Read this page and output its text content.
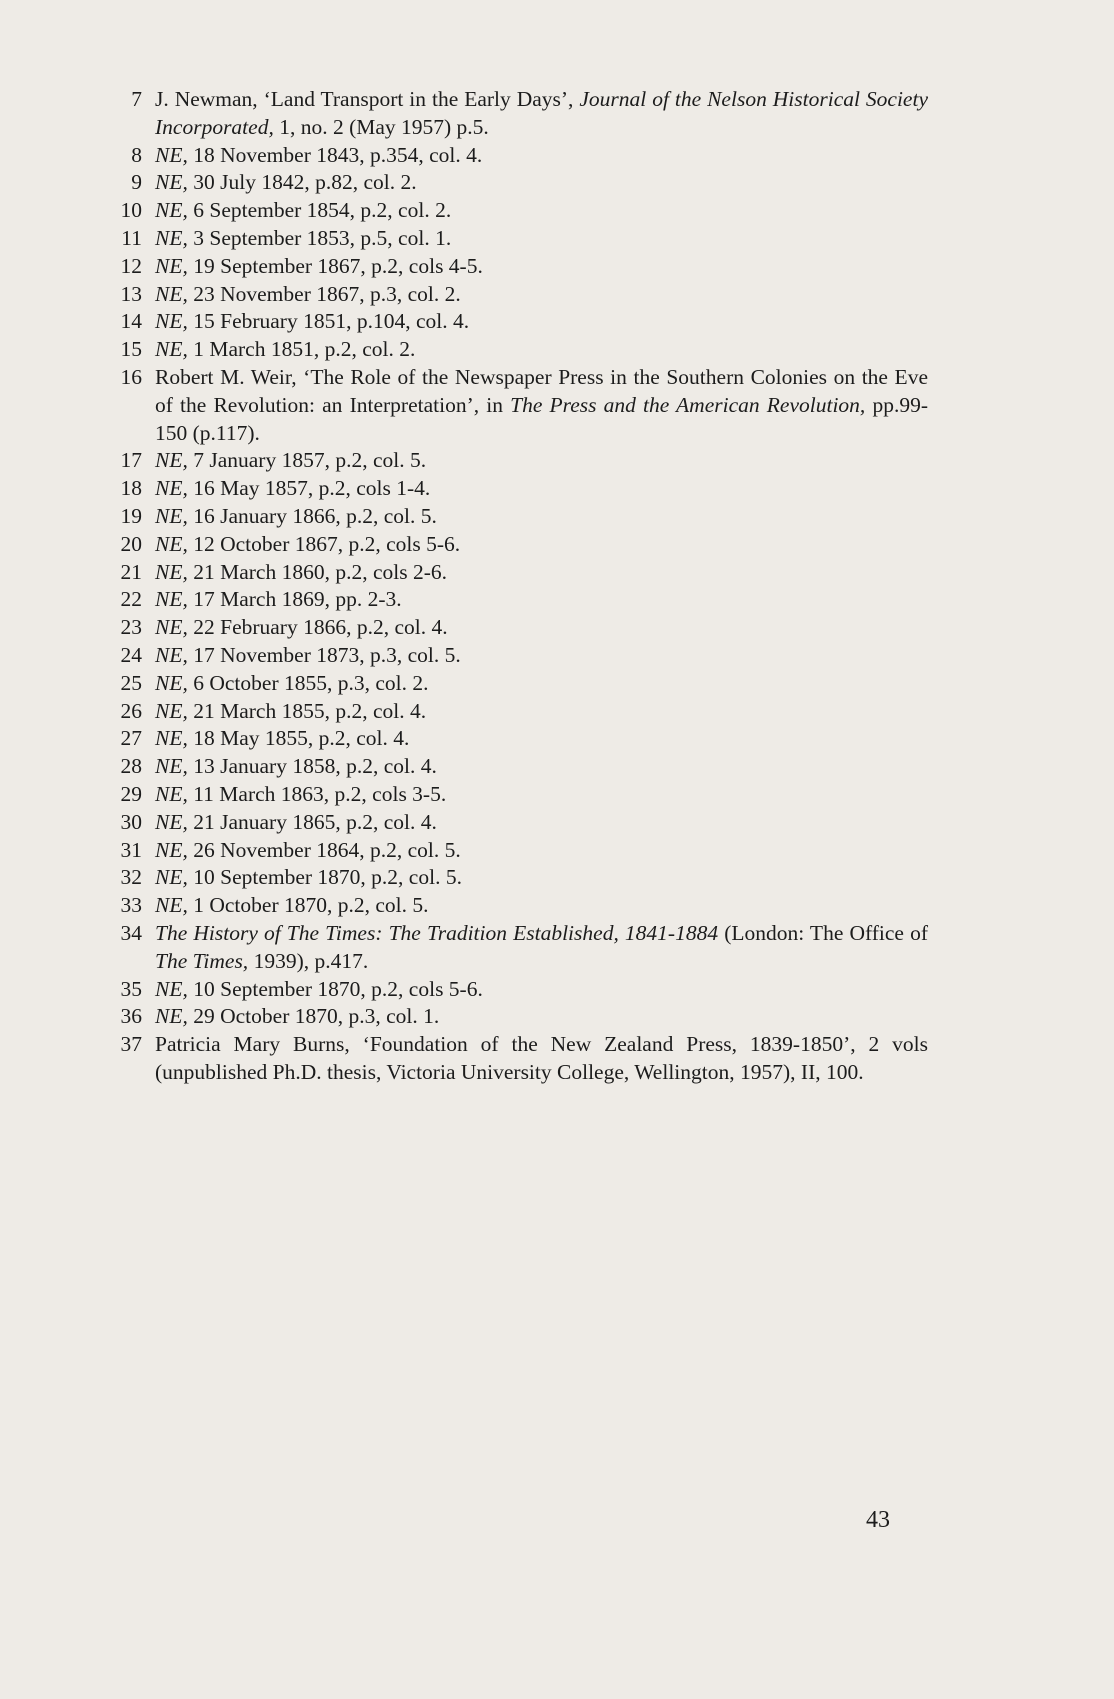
7 J. Newman, ‘Land Transport in the Early Days’, Journal of the Nelson Historical Society Incorporated, 1, no. 2 (May 1957) p.5.
8 NE, 18 November 1843, p.354, col. 4.
9 NE, 30 July 1842, p.82, col. 2.
10 NE, 6 September 1854, p.2, col. 2.
11 NE, 3 September 1853, p.5, col. 1.
12 NE, 19 September 1867, p.2, cols 4-5.
13 NE, 23 November 1867, p.3, col. 2.
14 NE, 15 February 1851, p.104, col. 4.
15 NE, 1 March 1851, p.2, col. 2.
16 Robert M. Weir, ‘The Role of the Newspaper Press in the Southern Colonies on the Eve of the Revolution: an Interpretation’, in The Press and the American Revolution, pp.99-150 (p.117).
17 NE, 7 January 1857, p.2, col. 5.
18 NE, 16 May 1857, p.2, cols 1-4.
19 NE, 16 January 1866, p.2, col. 5.
20 NE, 12 October 1867, p.2, cols 5-6.
21 NE, 21 March 1860, p.2, cols 2-6.
22 NE, 17 March 1869, pp. 2-3.
23 NE, 22 February 1866, p.2, col. 4.
24 NE, 17 November 1873, p.3, col. 5.
25 NE, 6 October 1855, p.3, col. 2.
26 NE, 21 March 1855, p.2, col. 4.
27 NE, 18 May 1855, p.2, col. 4.
28 NE, 13 January 1858, p.2, col. 4.
29 NE, 11 March 1863, p.2, cols 3-5.
30 NE, 21 January 1865, p.2, col. 4.
31 NE, 26 November 1864, p.2, col. 5.
32 NE, 10 September 1870, p.2, col. 5.
33 NE, 1 October 1870, p.2, col. 5.
34 The History of The Times: The Tradition Established, 1841-1884 (London: The Office of The Times, 1939), p.417.
35 NE, 10 September 1870, p.2, cols 5-6.
36 NE, 29 October 1870, p.3, col. 1.
37 Patricia Mary Burns, ‘Foundation of the New Zealand Press, 1839-1850’, 2 vols (unpublished Ph.D. thesis, Victoria University College, Wellington, 1957), II, 100.
43
